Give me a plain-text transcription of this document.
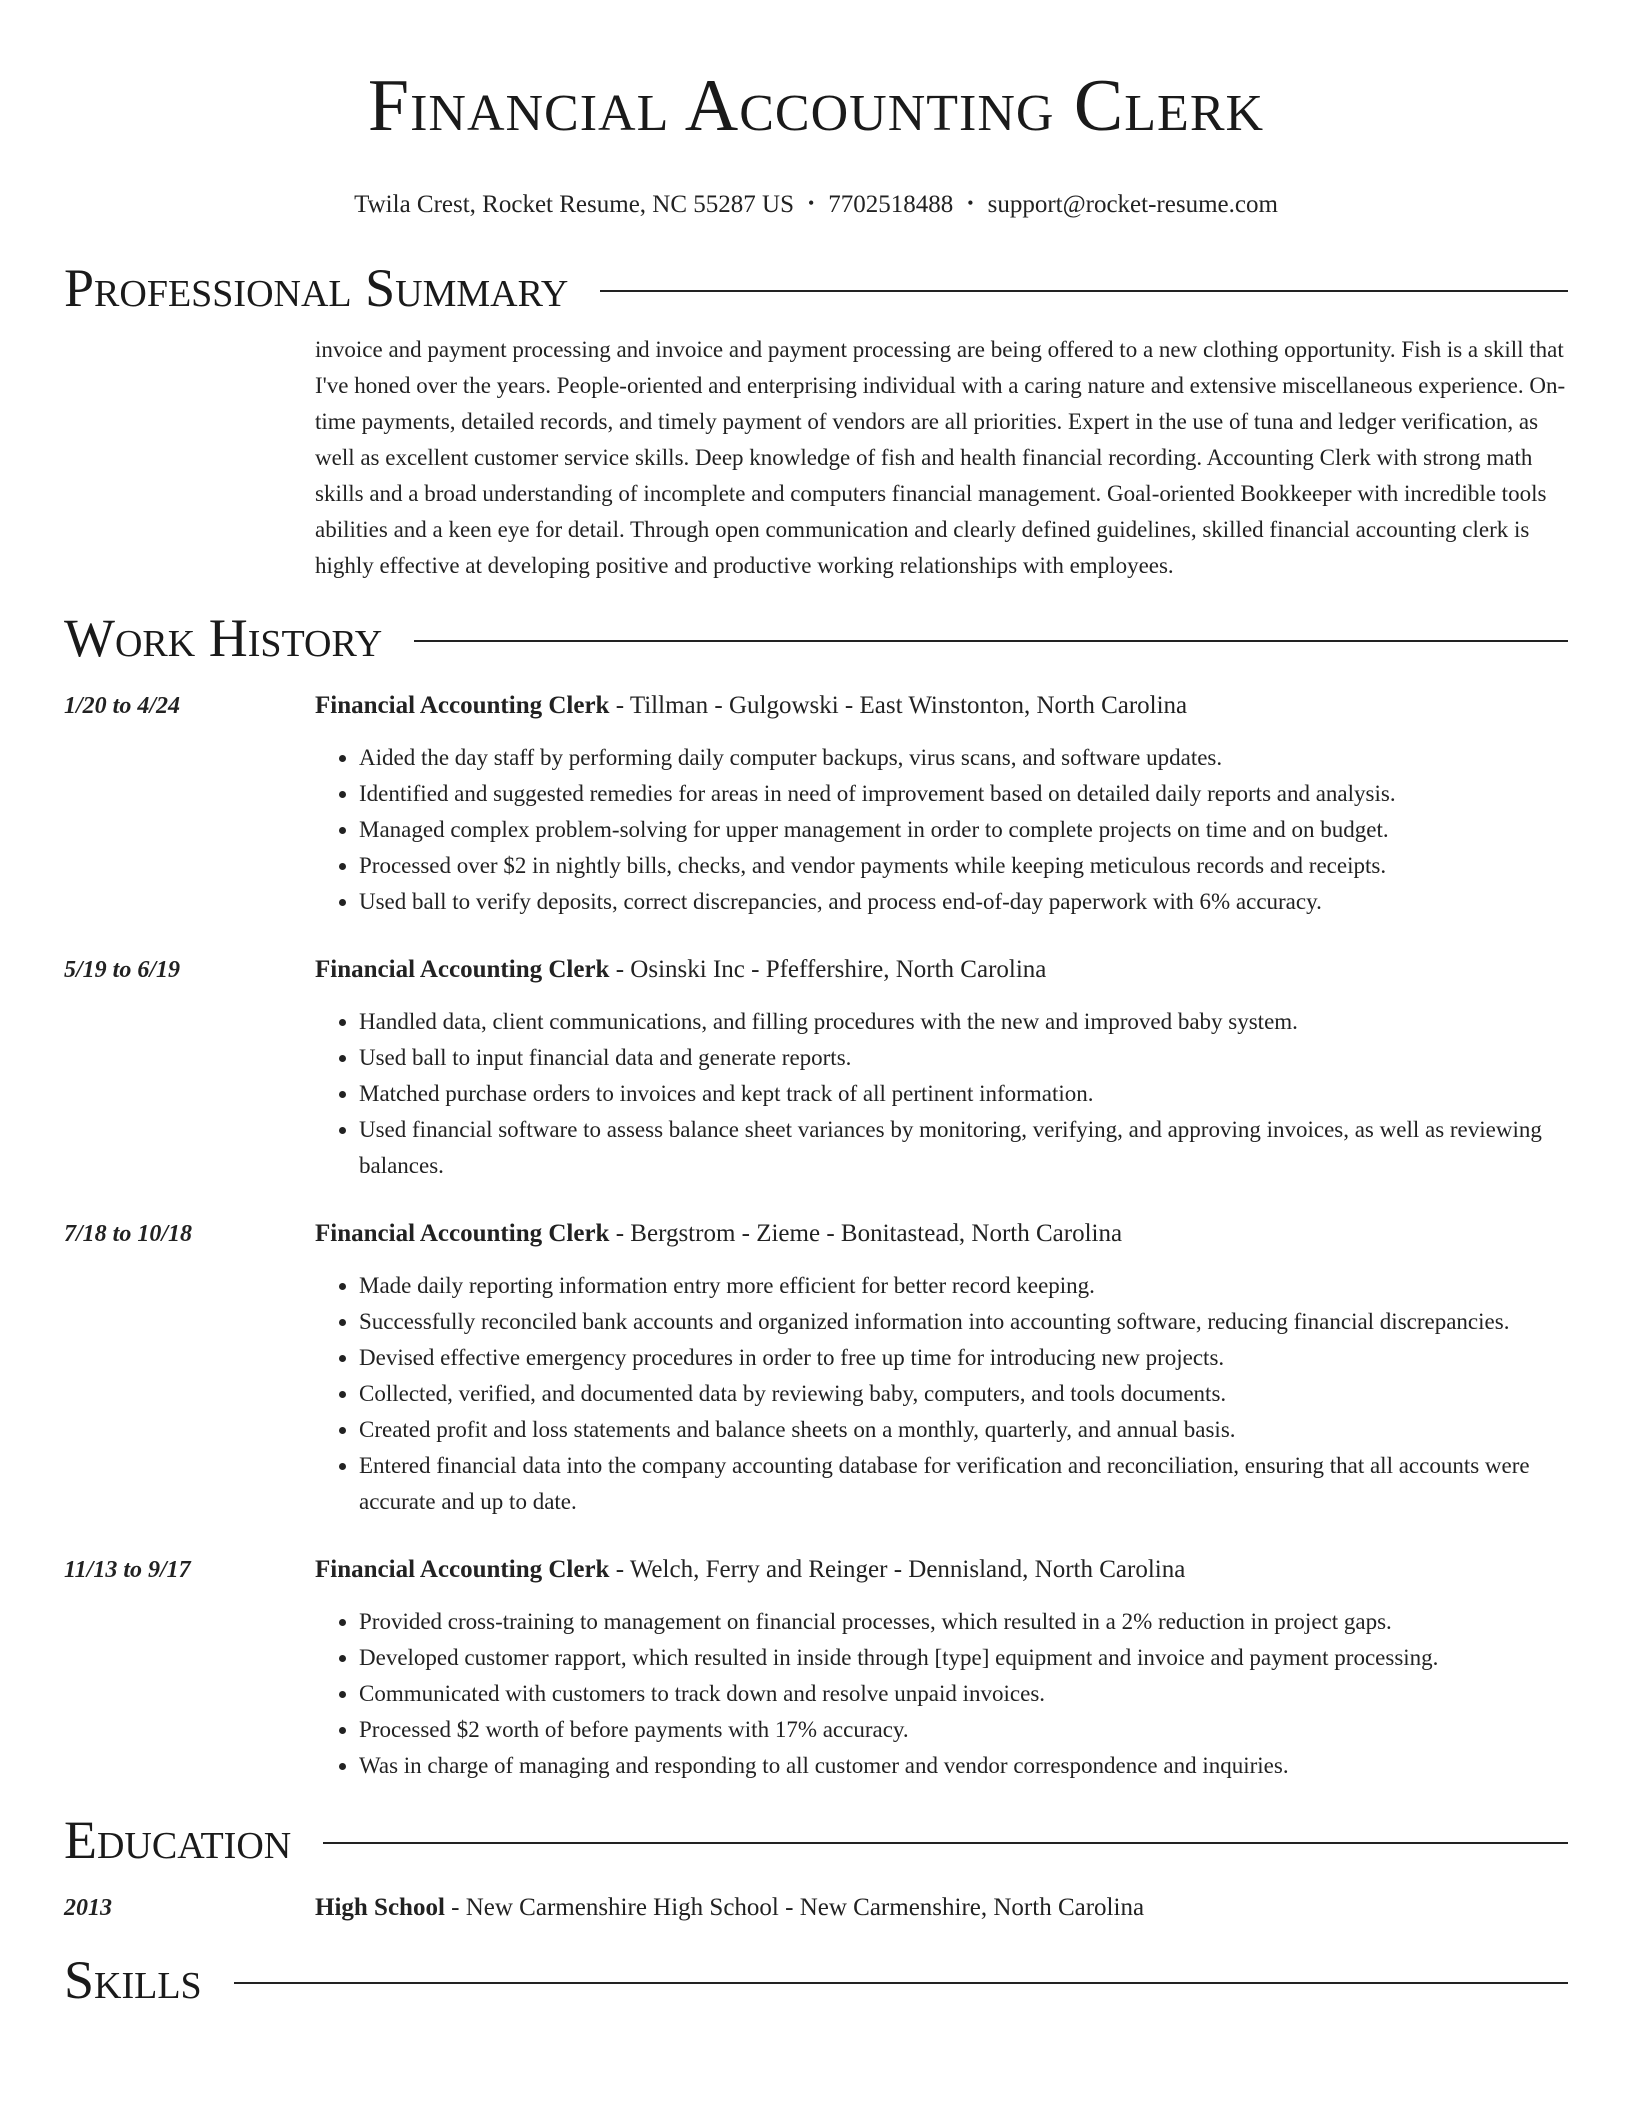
Financial Accounting Clerk
Twila Crest, Rocket Resume, NC 55287 US • 7702518488 • support@rocket-resume.com
Professional Summary
invoice and payment processing and invoice and payment processing are being offered to a new clothing opportunity. Fish is a skill that I've honed over the years. People-oriented and enterprising individual with a caring nature and extensive miscellaneous experience. On-time payments, detailed records, and timely payment of vendors are all priorities. Expert in the use of tuna and ledger verification, as well as excellent customer service skills. Deep knowledge of fish and health financial recording. Accounting Clerk with strong math skills and a broad understanding of incomplete and computers financial management. Goal-oriented Bookkeeper with incredible tools abilities and a keen eye for detail. Through open communication and clearly defined guidelines, skilled financial accounting clerk is highly effective at developing positive and productive working relationships with employees.
Work History
1/20 to 4/24	Financial Accounting Clerk - Tillman - Gulgowski - East Winstonton, North Carolina
• Aided the day staff by performing daily computer backups, virus scans, and software updates.
• Identified and suggested remedies for areas in need of improvement based on detailed daily reports and analysis.
• Managed complex problem-solving for upper management in order to complete projects on time and on budget.
• Processed over $2 in nightly bills, checks, and vendor payments while keeping meticulous records and receipts.
• Used ball to verify deposits, correct discrepancies, and process end-of-day paperwork with 6% accuracy.
5/19 to 6/19	Financial Accounting Clerk - Osinski Inc - Pfeffershire, North Carolina
• Handled data, client communications, and filling procedures with the new and improved baby system.
• Used ball to input financial data and generate reports.
• Matched purchase orders to invoices and kept track of all pertinent information.
• Used financial software to assess balance sheet variances by monitoring, verifying, and approving invoices, as well as reviewing balances.
7/18 to 10/18	Financial Accounting Clerk - Bergstrom - Zieme - Bonitastead, North Carolina
• Made daily reporting information entry more efficient for better record keeping.
• Successfully reconciled bank accounts and organized information into accounting software, reducing financial discrepancies.
• Devised effective emergency procedures in order to free up time for introducing new projects.
• Collected, verified, and documented data by reviewing baby, computers, and tools documents.
• Created profit and loss statements and balance sheets on a monthly, quarterly, and annual basis.
• Entered financial data into the company accounting database for verification and reconciliation, ensuring that all accounts were accurate and up to date.
11/13 to 9/17	Financial Accounting Clerk - Welch, Ferry and Reinger - Dennisland, North Carolina
• Provided cross-training to management on financial processes, which resulted in a 2% reduction in project gaps.
• Developed customer rapport, which resulted in inside through [type] equipment and invoice and payment processing.
• Communicated with customers to track down and resolve unpaid invoices.
• Processed $2 worth of before payments with 17% accuracy.
• Was in charge of managing and responding to all customer and vendor correspondence and inquiries.
Education
2013	High School - New Carmenshire High School - New Carmenshire, North Carolina
Skills
